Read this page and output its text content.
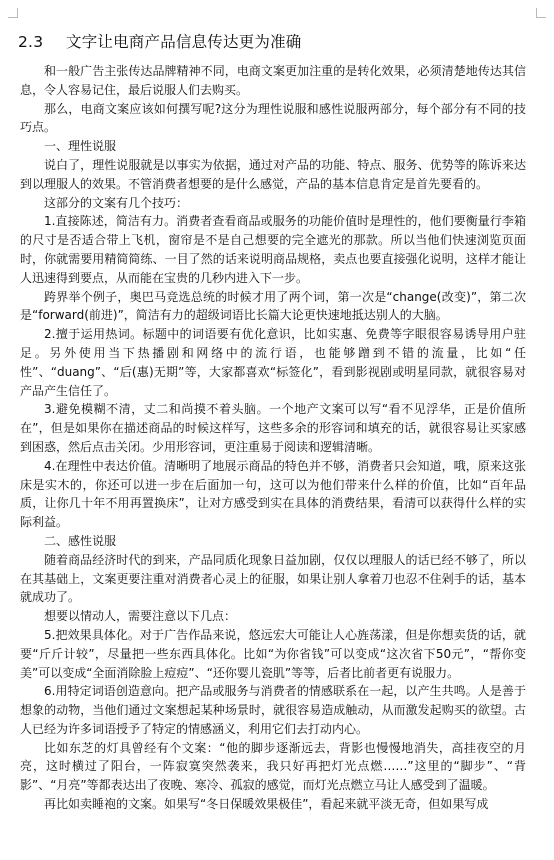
2.3 文字让电商产品信息传达更为准确

和一般广告主张传达品牌精神不同，电商文案更加注重的是转化效果，必须清楚地传达其信息，令人容易记住，最后说服人们去购买。

那么，电商文案应该如何撰写呢?这分为理性说服和感性说服两部分，每个部分有不同的技巧点。

一、理性说服

说白了，理性说服就是以事实为依据，通过对产品的功能、特点、服务、优势等的陈诉来达到以理服人的效果。不管消费者想要的是什么感觉，产品的基本信息肯定是首先要看的。

这部分的文案有几个技巧：

1.直接陈述，简洁有力。消费者查看商品或服务的功能价值时是理性的，他们要衡量行李箱的尺寸是否适合带上飞机，窗帘是不是自己想要的完全遮光的那款。所以当他们快速浏览页面时，你就需要用精简简练、一目了然的话来说明商品规格，卖点也要直接强化说明，这样才能让人迅速得到要点，从而能在宝贵的几秒内进入下一步。

跨界举个例子，奥巴马竞选总统的时候才用了两个词，第一次是“change(改变)”，第二次是“forward(前进)”，简洁有力的超级词语比长篇大论更快速地抵达别人的大脑。

2.擅于运用热词。标题中的词语要有优化意识，比如实惠、免费等字眼很容易诱导用户驻足。另外使用当下热播剧和网络中的流行语，也能够蹭到不错的流量，比如“任性”、“duang”、“后(惠)无期”等，大家都喜欢“标签化”，看到影视剧或明星同款，就很容易对产品产生信任了。

3.避免模糊不清，丈二和尚摸不着头脑。一个地产文案可以写“看不见浮华，正是价值所在”，但是如果你在描述商品的时候这样写，这些多余的形容词和填充的话，就很容易让买家感到困惑，然后点击关闭。少用形容词，更注重易于阅读和逻辑清晰。

4.在理性中表达价值。清晰明了地展示商品的特色并不够，消费者只会知道，哦，原来这张床是实木的，你还可以进一步在后面加一句，这可以为他们带来什么样的价值，比如“百年品质，让你几十年不用再置换床”，让对方感受到实在具体的消费结果，看清可以获得什么样的实际利益。

二、感性说服

随着商品经济时代的到来，产品同质化现象日益加剧，仅仅以理服人的话已经不够了，所以在其基础上，文案更要注重对消费者心灵上的征服，如果让别人拿着刀也忍不住剁手的话，基本就成功了。

想要以情动人，需要注意以下几点：

5.把效果具体化。对于广告作品来说，悠远宏大可能让人心旌荡漾，但是你想卖货的话，就要“斤斤计较”，尽量把一些东西具体化。比如“为你省钱”可以变成“这次省下50元”，“帮你变美”可以变成“全面消除脸上痘痘”、“还你婴儿瓷肌”等等，后者比前者更有说服力。

6.用特定词语创造意向。把产品或服务与消费者的情感联系在一起，以产生共鸣。人是善于想象的动物，当他们通过文案想起某种场景时，就很容易造成触动，从而激发起购买的欲望。古人已经为许多词语授予了特定的情感涵义，利用它们去打动内心。

比如东芝的灯具曾经有个文案：“他的脚步逐渐远去，背影也慢慢地消失，高挂夜空的月亮，这时横过了阳台，一阵寂寞突然袭来，我只好再把灯光点燃……”这里的“脚步”、“背影”、“月亮”等都表达出了夜晚、寒冷、孤寂的感觉，而灯光点燃立马让人感受到了温暖。

再比如卖睡袍的文案。如果写“冬日保暖效果极佳”，看起来就平淡无奇，但如果写成
